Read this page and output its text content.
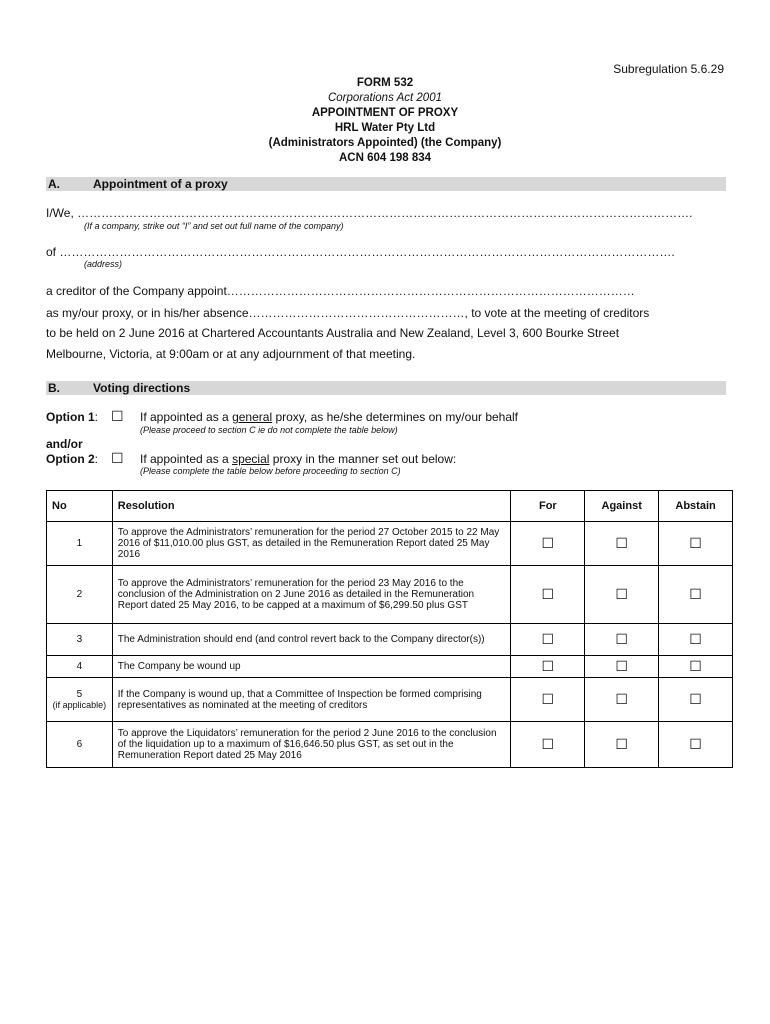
Subregulation 5.6.29
FORM 532
Corporations Act 2001
APPOINTMENT OF PROXY
HRL Water Pty Ltd
(Administrators Appointed) (the Company)
ACN 604 198 834
A.	Appointment of a proxy
I/We, ……………………………………………………………………………………………………………………………………….
(If a company, strike out “I” and set out full name of the company)
of ……………………………………………………………………………………………………………………………………….
(address)
a creditor of the Company appoint…………………………………………………………………………………………
as my/our proxy, or in his/her absence………………………………………………, to vote at the meeting of creditors
to be held on 2 June 2016 at Chartered Accountants Australia and New Zealand, Level 3, 600 Bourke Street
Melbourne, Victoria, at 9:00am or at any adjournment of that meeting.
B.	Voting directions
Option 1: ☐ If appointed as a general proxy, as he/she determines on my/our behalf
(Please proceed to section C ie do not complete the table below)
and/or
Option 2: ☐ If appointed as a special proxy in the manner set out below:
(Please complete the table below before proceeding to section C)
No	Resolution	For	Against	Abstain
1	To approve the Administrators’ remuneration for the period 27 October 2015 to 22 May 2016 of $11,010.00 plus GST, as detailed in the Remuneration Report dated 25 May 2016	☐	☐	☐
2	To approve the Administrators’ remuneration for the period 23 May 2016 to the conclusion of the Administration on 2 June 2016 as detailed in the Remuneration Report dated 25 May 2016, to be capped at a maximum of $6,299.50 plus GST	☐	☐	☐
3	The Administration should end (and control revert back to the Company director(s))	☐	☐	☐
4	The Company be wound up	☐	☐	☐
5
(if applicable)	If the Company is wound up, that a Committee of Inspection be formed comprising representatives as nominated at the meeting of creditors	☐	☐	☐
6	To approve the Liquidators’ remuneration for the period 2 June 2016 to the conclusion of the liquidation up to a maximum of $16,646.50 plus GST, as set out in the Remuneration Report dated 25 May 2016	☐	☐	☐
